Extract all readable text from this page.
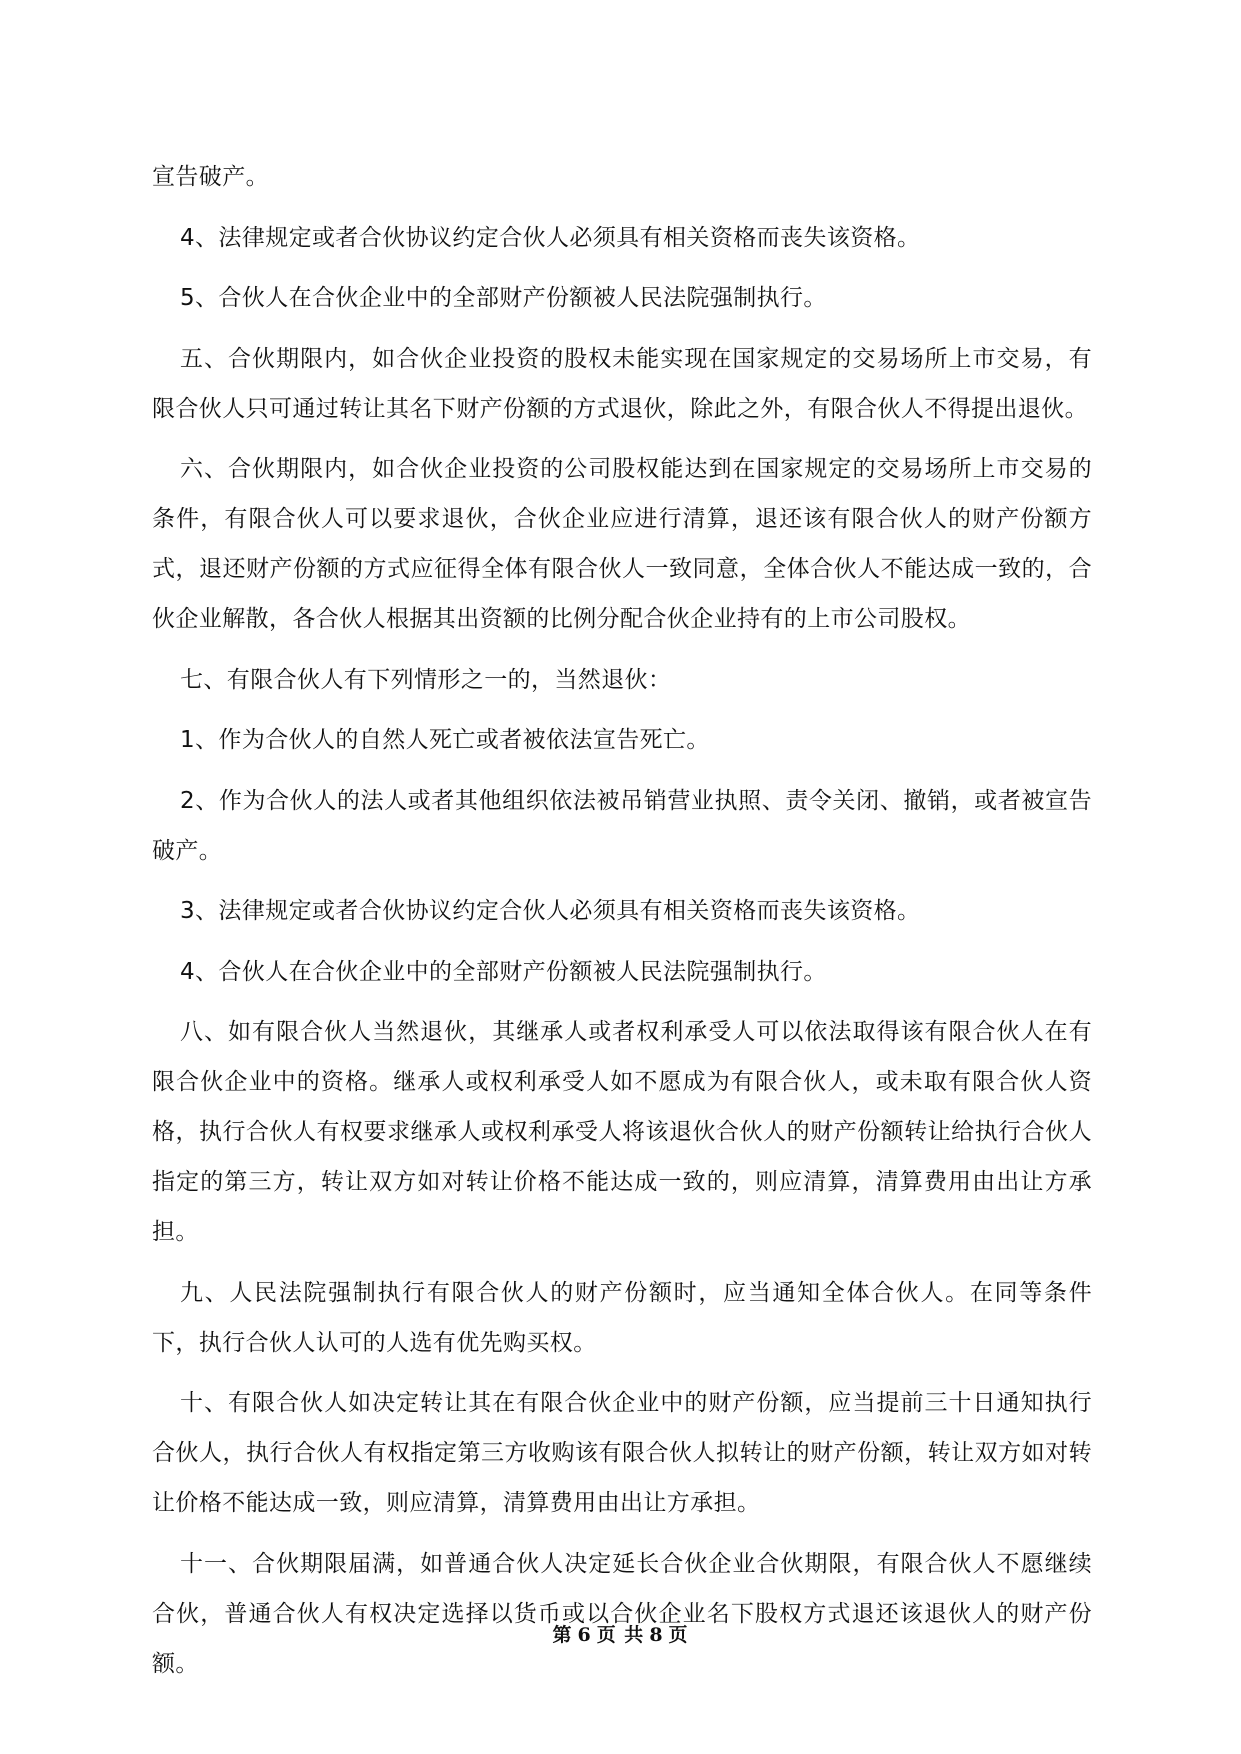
宣告破产。

4、法律规定或者合伙协议约定合伙人必须具有相关资格而丧失该资格。

5、合伙人在合伙企业中的全部财产份额被人民法院强制执行。

五、合伙期限内，如合伙企业投资的股权未能实现在国家规定的交易场所上市交易，有限合伙人只可通过转让其名下财产份额的方式退伙，除此之外，有限合伙人不得提出退伙。

六、合伙期限内，如合伙企业投资的公司股权能达到在国家规定的交易场所上市交易的条件，有限合伙人可以要求退伙，合伙企业应进行清算，退还该有限合伙人的财产份额方式，退还财产份额的方式应征得全体有限合伙人一致同意，全体合伙人不能达成一致的，合伙企业解散，各合伙人根据其出资额的比例分配合伙企业持有的上市公司股权。

七、有限合伙人有下列情形之一的，当然退伙：

1、作为合伙人的自然人死亡或者被依法宣告死亡。

2、作为合伙人的法人或者其他组织依法被吊销营业执照、责令关闭、撤销，或者被宣告破产。

3、法律规定或者合伙协议约定合伙人必须具有相关资格而丧失该资格。

4、合伙人在合伙企业中的全部财产份额被人民法院强制执行。

八、如有限合伙人当然退伙，其继承人或者权利承受人可以依法取得该有限合伙人在有限合伙企业中的资格。继承人或权利承受人如不愿成为有限合伙人，或未取有限合伙人资格，执行合伙人有权要求继承人或权利承受人将该退伙合伙人的财产份额转让给执行合伙人指定的第三方，转让双方如对转让价格不能达成一致的，则应清算，清算费用由出让方承担。

九、人民法院强制执行有限合伙人的财产份额时，应当通知全体合伙人。在同等条件下，执行合伙人认可的人选有优先购买权。

十、有限合伙人如决定转让其在有限合伙企业中的财产份额，应当提前三十日通知执行合伙人，执行合伙人有权指定第三方收购该有限合伙人拟转让的财产份额，转让双方如对转让价格不能达成一致，则应清算，清算费用由出让方承担。

十一、合伙期限届满，如普通合伙人决定延长合伙企业合伙期限，有限合伙人不愿继续合伙，普通合伙人有权决定选择以货币或以合伙企业名下股权方式退还该退伙人的财产份额。

第 6 页 共 8 页
